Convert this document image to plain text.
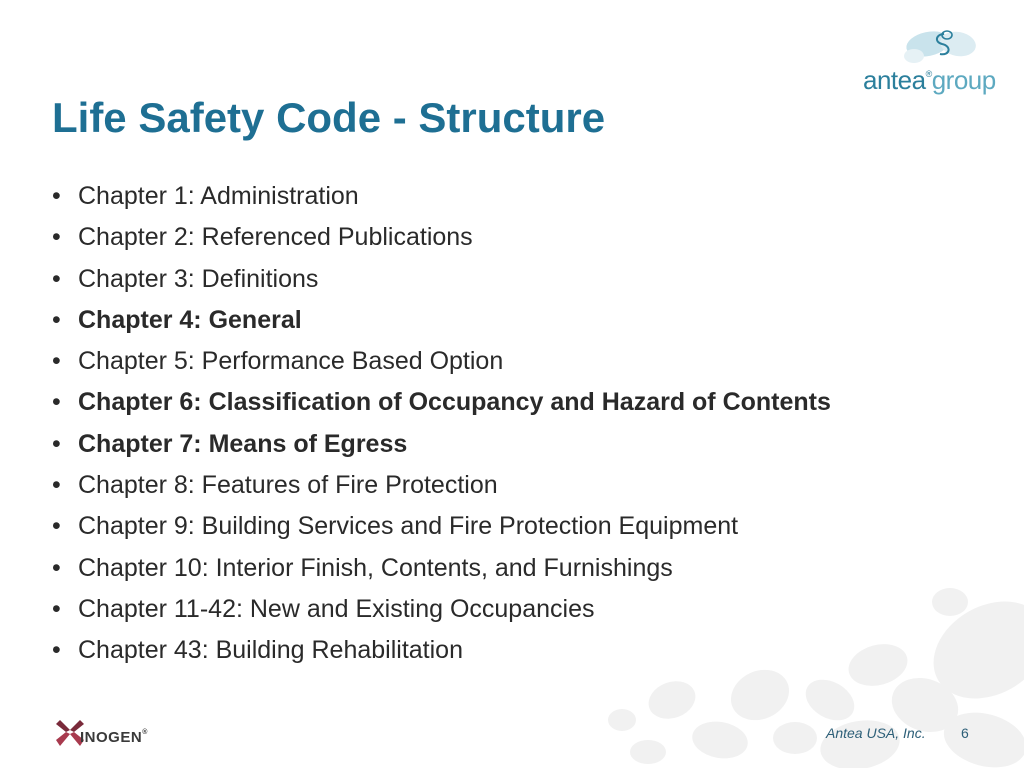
antea®group
Life Safety Code - Structure
• Chapter 1: Administration
• Chapter 2: Referenced Publications
• Chapter 3: Definitions
• Chapter 4: General
• Chapter 5: Performance Based Option
• Chapter 6: Classification of Occupancy and Hazard of Contents
• Chapter 7: Means of Egress
• Chapter 8: Features of Fire Protection
• Chapter 9: Building Services and Fire Protection Equipment
• Chapter 10: Interior Finish, Contents, and Furnishings
• Chapter 11-42: New and Existing Occupancies
• Chapter 43: Building Rehabilitation
INOGEN®	Antea USA, Inc.	6
